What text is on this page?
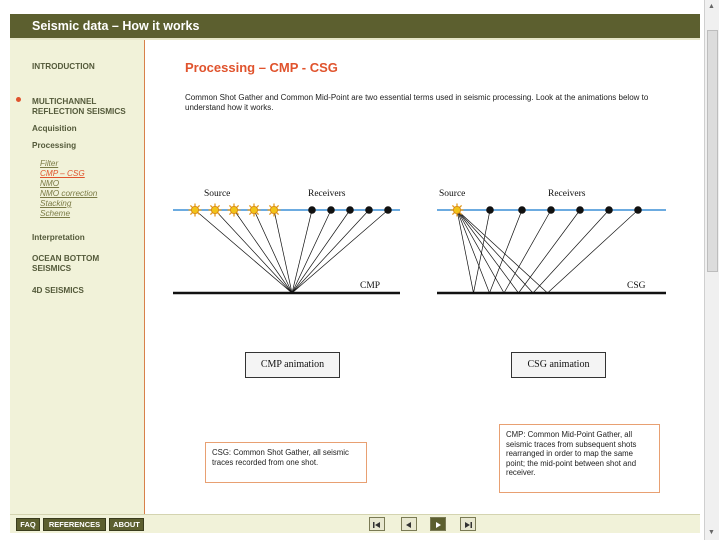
Seismic data – How it works
INTRODUCTION
MULTICHANNEL
REFLECTION SEISMICS
Acquisition
Processing
Filter
CMP – CSG
NMO
NMO correction
Stacking
Scheme
Interpretation
OCEAN BOTTOM
SEISMICS
4D SEISMICS
Processing – CMP - CSG
Common Shot Gather and Common Mid-Point are two essential terms used in seismic processing. Look at the animations below to understand how it works.
Source	Receivers
CMP
Source	Receivers
CSG
CMP animation	CSG animation
CSG: Common Shot Gather, all seismic traces recorded from one shot.
CMP: Common Mid-Point Gather, all seismic traces from subsequent shots rearranged in order to map the same point; the mid-point between shot and receiver.
FAQ	REFERENCES	ABOUT
▲
▼
